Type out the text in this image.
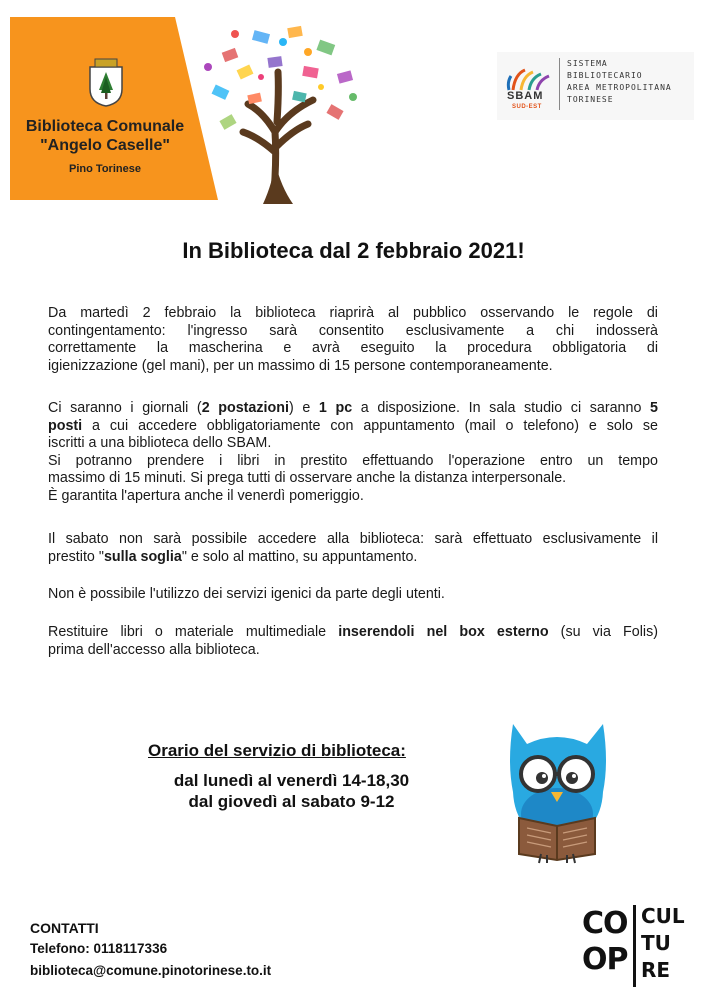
Biblioteca Comunale
"Angelo Caselle"
Pino Torinese
SBAM
SUD-EST
SISTEMA
BIBLIOTECARIO
AREA METROPOLITANA
TORINESE
In Biblioteca dal 2 febbraio 2021!
Da martedì 2 febbraio la biblioteca riaprirà al pubblico osservando le regole di
contingentamento: l'ingresso sarà consentito esclusivamente a chi indosserà
correttamente la mascherina e avrà eseguito la procedura obbligatoria di
igienizzazione (gel mani), per un massimo di 15 persone contemporaneamente.
Ci saranno i giornali (2 postazioni) e 1 pc a disposizione. In sala studio ci saranno 5
posti a cui accedere obbligatoriamente con appuntamento (mail o telefono) e solo se
iscritti a una biblioteca dello SBAM.
Si potranno prendere i libri in prestito effettuando l'operazione entro un tempo
massimo di 15 minuti. Si prega tutti di osservare anche la distanza interpersonale.
È garantita l'apertura anche il venerdì pomeriggio.
Il sabato non sarà possibile accedere alla biblioteca: sarà effettuato esclusivamente il
prestito "sulla soglia" e solo al mattino, su appuntamento.
Non è possibile l'utilizzo dei servizi igenici da parte degli utenti.
Restituire libri o materiale multimediale inserendoli nel box esterno (su via Folis)
prima dell'accesso alla biblioteca.
Orario del servizio di biblioteca:
dal lunedì al venerdì 14-18,30
dal giovedì al sabato 9-12
CONTATTI
Telefono: 0118117336
biblioteca@comune.pinotorinese.to.it
CO
OP
CUL
TU
RE
